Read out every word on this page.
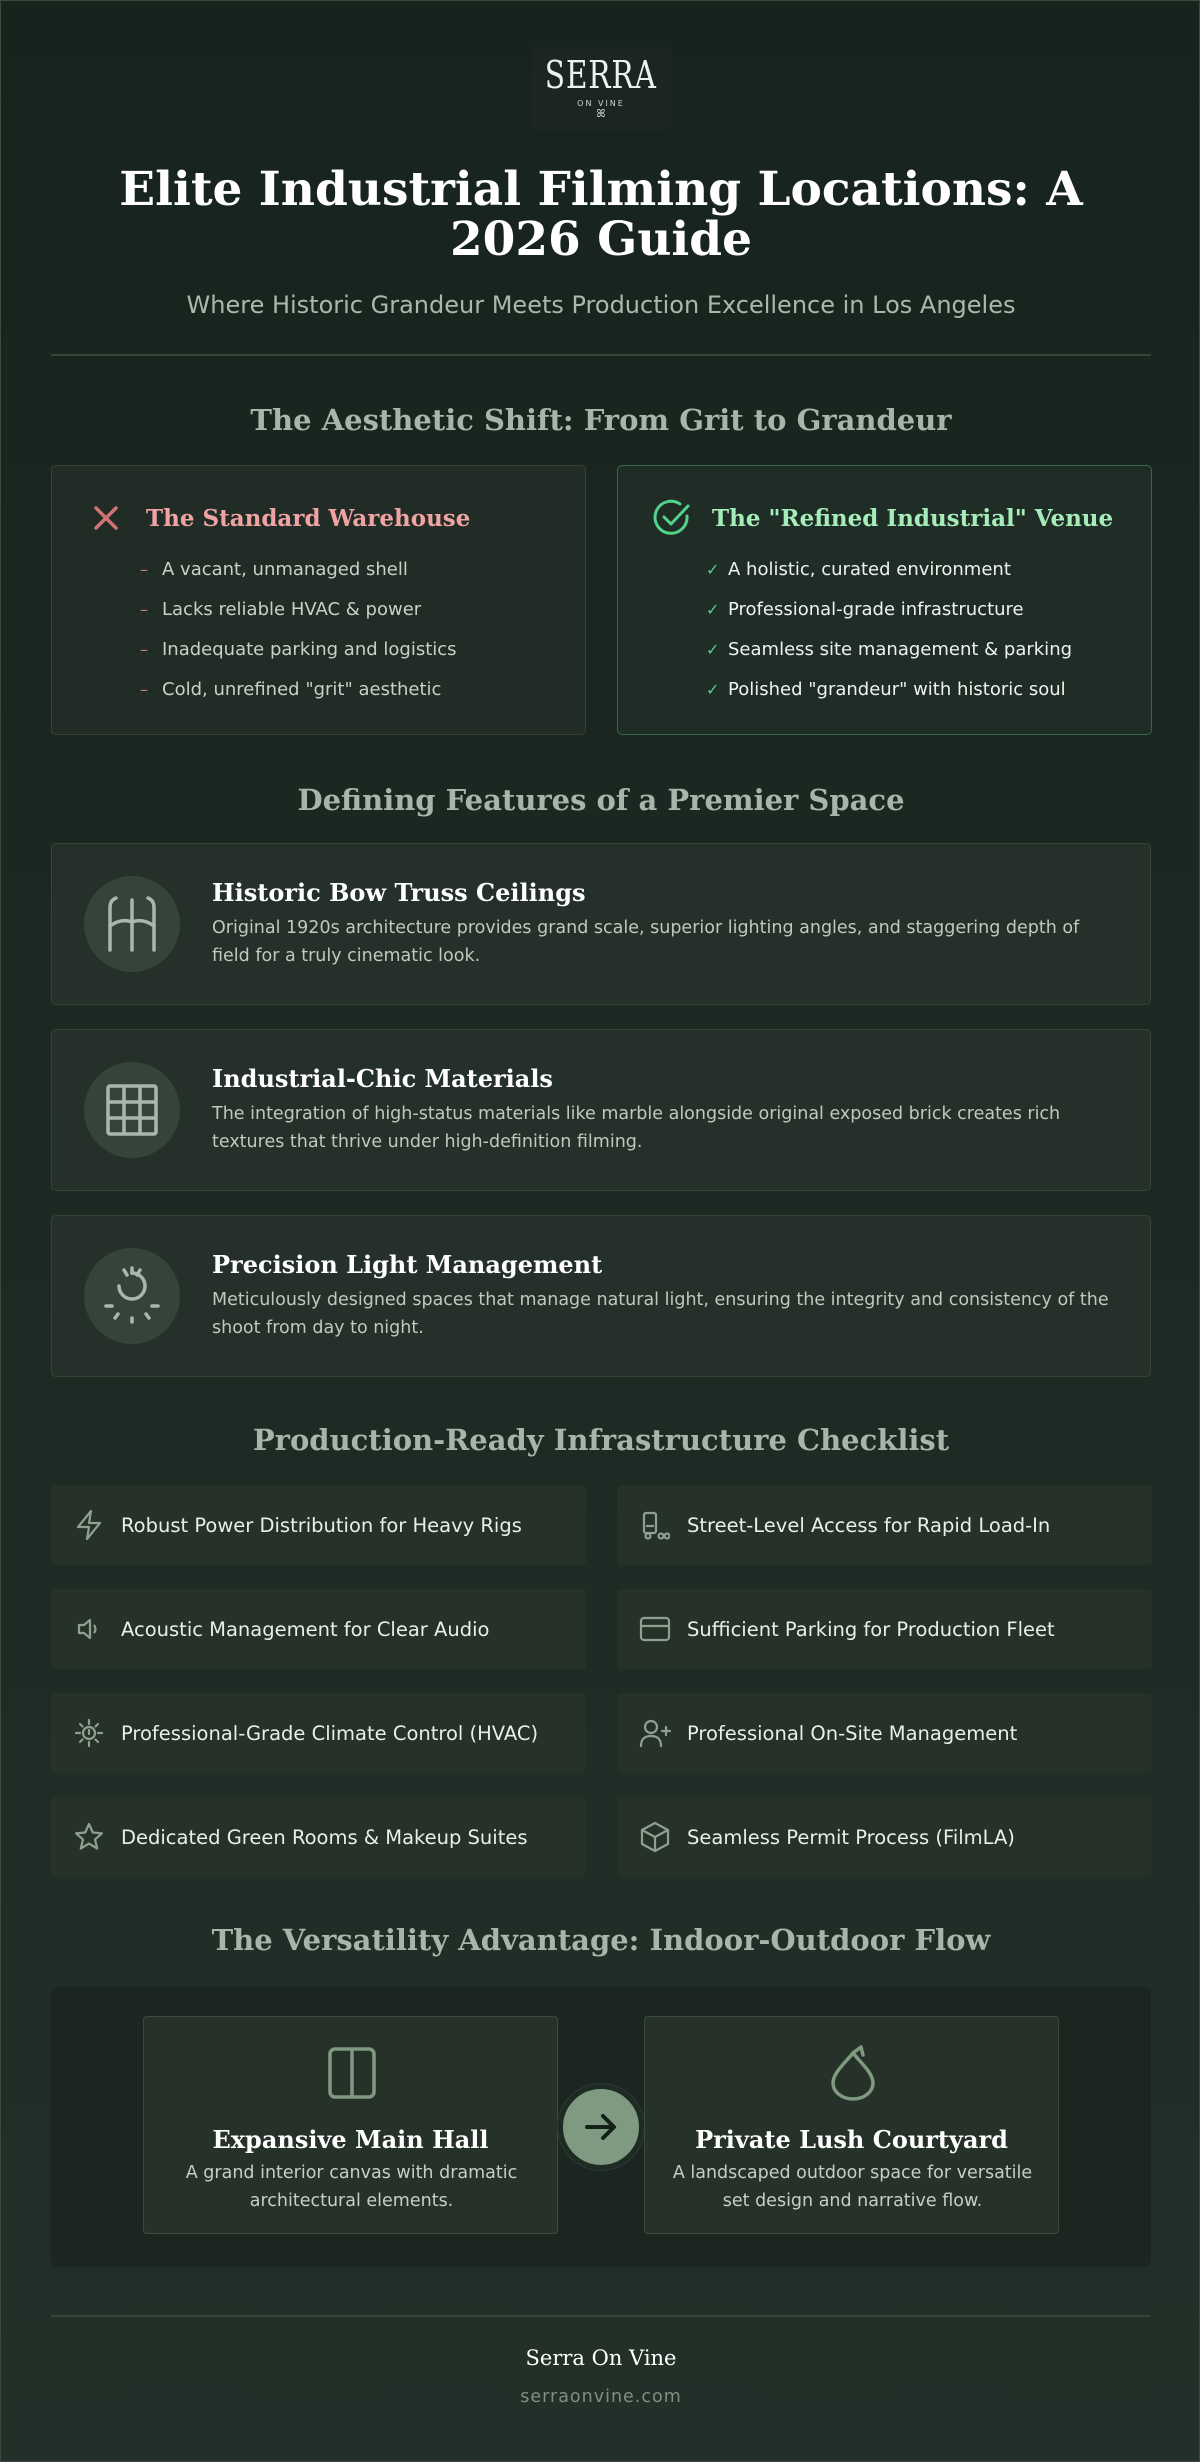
SERRA
ON VINE
ꕤ
Elite Industrial Filming Locations: A 2026 Guide
Where Historic Grandeur Meets Production Excellence in Los Angeles
The Aesthetic Shift: From Grit to Grandeur
The Standard Warehouse
– A vacant, unmanaged shell
– Lacks reliable HVAC & power
– Inadequate parking and logistics
– Cold, unrefined "grit" aesthetic
The "Refined Industrial" Venue
✓ A holistic, curated environment
✓ Professional-grade infrastructure
✓ Seamless site management & parking
✓ Polished "grandeur" with historic soul
Defining Features of a Premier Space
Historic Bow Truss Ceilings
Original 1920s architecture provides grand scale, superior lighting angles, and staggering depth of field for a truly cinematic look.
Industrial-Chic Materials
The integration of high-status materials like marble alongside original exposed brick creates rich textures that thrive under high-definition filming.
Precision Light Management
Meticulously designed spaces that manage natural light, ensuring the integrity and consistency of the shoot from day to night.
Production-Ready Infrastructure Checklist
Robust Power Distribution for Heavy Rigs	Street-Level Access for Rapid Load-In
Acoustic Management for Clear Audio	Sufficient Parking for Production Fleet
Professional-Grade Climate Control (HVAC)	Professional On-Site Management
Dedicated Green Rooms & Makeup Suites	Seamless Permit Process (FilmLA)
The Versatility Advantage: Indoor-Outdoor Flow
Expansive Main Hall
A grand interior canvas with dramatic architectural elements.
Private Lush Courtyard
A landscaped outdoor space for versatile set design and narrative flow.
Serra On Vine
serraonvine.com
